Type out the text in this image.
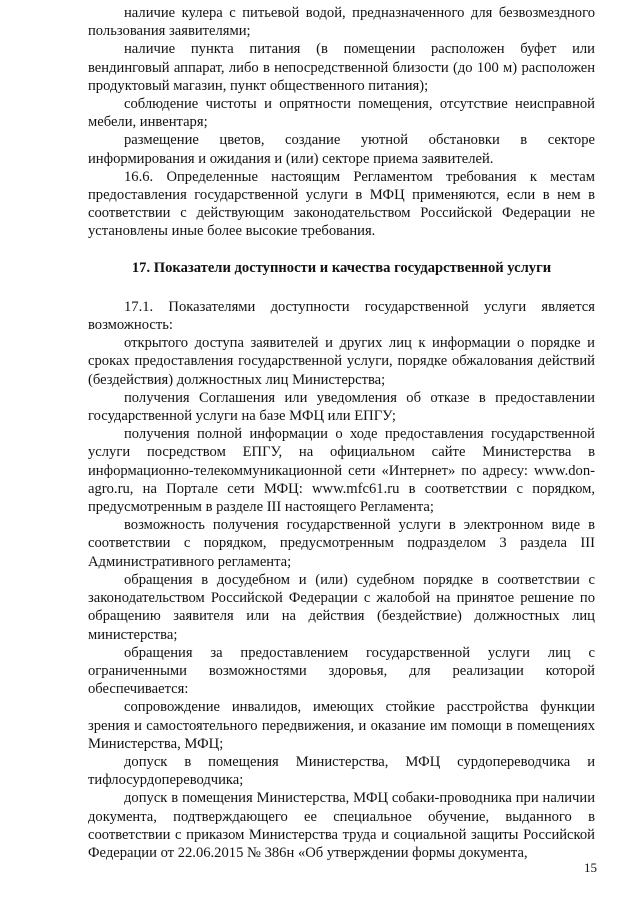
наличие кулера с питьевой водой, предназначенного для безвозмездного пользования заявителями;

наличие пункта питания (в помещении расположен буфет или вендинговый аппарат, либо в непосредственной близости (до 100 м) расположен продуктовый магазин, пункт общественного питания);

соблюдение чистоты и опрятности помещения, отсутствие неисправной мебели, инвентаря;

размещение цветов, создание уютной обстановки в секторе информирования и ожидания и (или) секторе приема заявителей.

16.6. Определенные настоящим Регламентом требования к местам предоставления государственной услуги в МФЦ применяются, если в нем в соответствии с действующим законодательством Российской Федерации не установлены иные более высокие требования.

17. Показатели доступности и качества государственной услуги

17.1. Показателями доступности государственной услуги является возможность:

открытого доступа заявителей и других лиц к информации о порядке и сроках предоставления государственной услуги, порядке обжалования действий (бездействия) должностных лиц Министерства;

получения Соглашения или уведомления об отказе в предоставлении государственной услуги на базе МФЦ или ЕПГУ;

получения полной информации о ходе предоставления государственной услуги посредством ЕПГУ, на официальном сайте Министерства в информационно-телекоммуникационной сети «Интернет» по адресу: www.don-agro.ru, на Портале сети МФЦ: www.mfc61.ru в соответствии с порядком, предусмотренным в разделе III настоящего Регламента;

возможность получения государственной услуги в электронном виде в соответствии с порядком, предусмотренным подразделом 3 раздела III Административного регламента;

обращения в досудебном и (или) судебном порядке в соответствии с законодательством Российской Федерации с жалобой на принятое решение по обращению заявителя или на действия (бездействие) должностных лиц министерства;

обращения за предоставлением государственной услуги лиц с ограниченными возможностями здоровья, для реализации которой обеспечивается:

сопровождение инвалидов, имеющих стойкие расстройства функции зрения и самостоятельного передвижения, и оказание им помощи в помещениях Министерства, МФЦ;

допуск в помещения Министерства, МФЦ сурдопереводчика и тифлосурдопереводчика;

допуск в помещения Министерства, МФЦ собаки-проводника при наличии документа, подтверждающего ее специальное обучение, выданного в соответствии с приказом Министерства труда и социальной защиты Российской Федерации от 22.06.2015 № 386н «Об утверждении формы документа,

15
